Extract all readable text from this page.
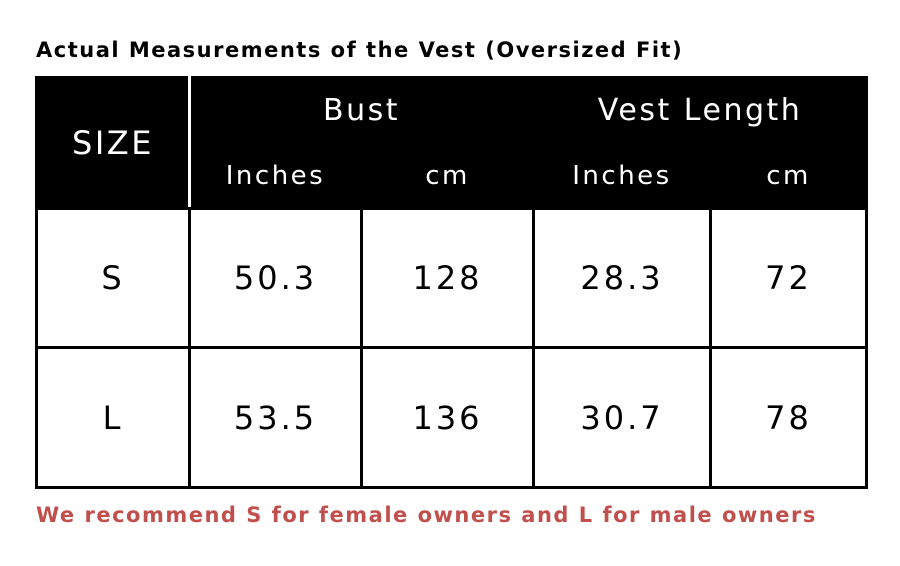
Actual Measurements of the Vest (Oversized Fit)
SIZE	Bust		Vest Length	
	Inches	cm	Inches	cm
S	50.3	128	28.3	72
L	53.5	136	30.7	78
We recommend S for female owners and L for male owners
